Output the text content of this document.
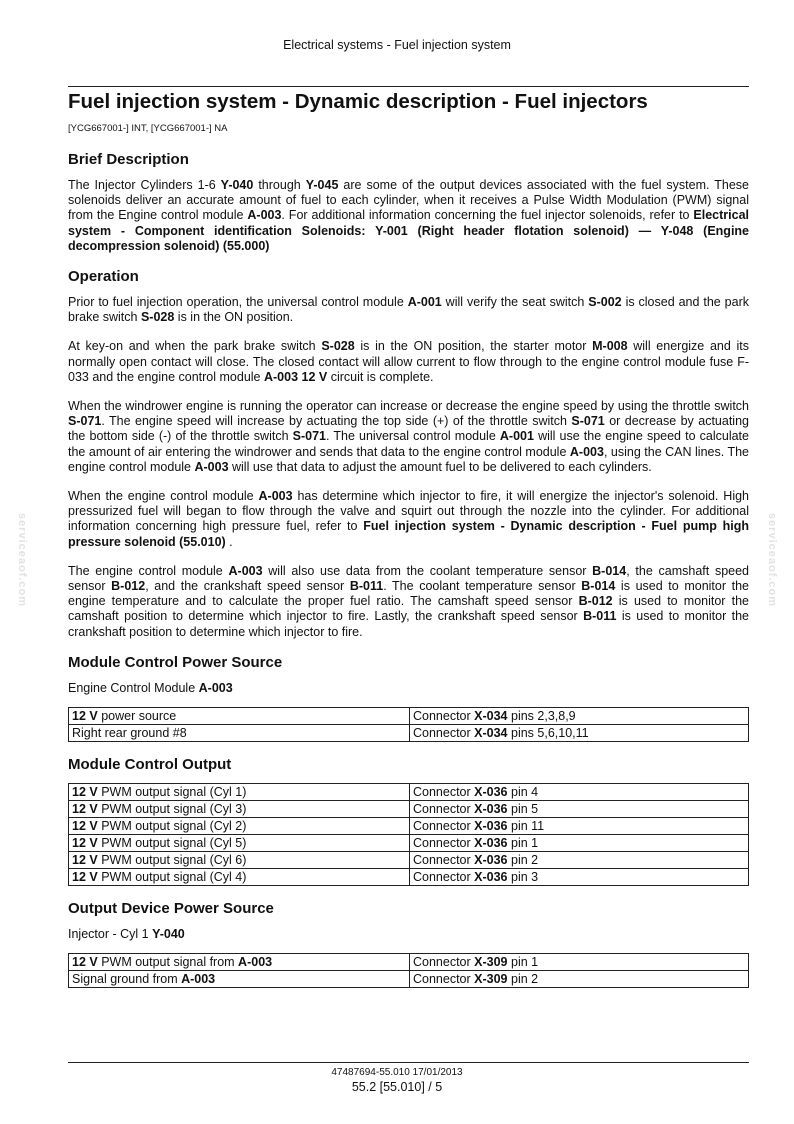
Electrical systems - Fuel injection system
Fuel injection system - Dynamic description - Fuel injectors
[YCG667001-] INT, [YCG667001-] NA
Brief Description

The Injector Cylinders 1-6 Y-040 through Y-045 are some of the output devices associated with the fuel system. These solenoids deliver an accurate amount of fuel to each cylinder, when it receives a Pulse Width Modulation (PWM) signal from the Engine control module A-003. For additional information concerning the fuel injector solenoids, refer to Electrical system - Component identification Solenoids: Y-001 (Right header flotation solenoid) — Y-048 (Engine decompression solenoid) (55.000)

Operation

Prior to fuel injection operation, the universal control module A-001 will verify the seat switch S-002 is closed and the park brake switch S-028 is in the ON position.

At key-on and when the park brake switch S-028 is in the ON position, the starter motor M-008 will energize and its normally open contact will close. The closed contact will allow current to flow through to the engine control module fuse F-033 and the engine control module A-003 12 V circuit is complete.

When the windrower engine is running the operator can increase or decrease the engine speed by using the throttle switch S-071. The engine speed will increase by actuating the top side (+) of the throttle switch S-071 or decrease by actuating the bottom side (-) of the throttle switch S-071. The universal control module A-001 will use the engine speed to calculate the amount of air entering the windrower and sends that data to the engine control module A-003, using the CAN lines. The engine control module A-003 will use that data to adjust the amount fuel to be delivered to each cylinders.

When the engine control module A-003 has determine which injector to fire, it will energize the injector's solenoid. High pressurized fuel will began to flow through the valve and squirt out through the nozzle into the cylinder. For additional information concerning high pressure fuel, refer to Fuel injection system - Dynamic description - Fuel pump high pressure solenoid (55.010) .

The engine control module A-003 will also use data from the coolant temperature sensor B-014, the camshaft speed sensor B-012, and the crankshaft speed sensor B-011. The coolant temperature sensor B-014 is used to monitor the engine temperature and to calculate the proper fuel ratio. The camshaft speed sensor B-012 is used to monitor the camshaft position to determine which injector to fire. Lastly, the crankshaft speed sensor B-011 is used to monitor the crankshaft position to determine which injector to fire.

Module Control Power Source

Engine Control Module A-003

12 V power source	Connector X-034 pins 2,3,8,9
Right rear ground #8	Connector X-034 pins 5,6,10,11
Module Control Output
12 V PWM output signal (Cyl 1)	Connector X-036 pin 4
12 V PWM output signal (Cyl 3)	Connector X-036 pin 5
12 V PWM output signal (Cyl 2)	Connector X-036 pin 11
12 V PWM output signal (Cyl 5)	Connector X-036 pin 1
12 V PWM output signal (Cyl 6)	Connector X-036 pin 2
12 V PWM output signal (Cyl 4)	Connector X-036 pin 3
Output Device Power Source

Injector - Cyl 1 Y-040

12 V PWM output signal from A-003	Connector X-309 pin 1
Signal ground from A-003	Connector X-309 pin 2
47487694-55.010 17/01/2013
55.2 [55.010] / 5
serviceaof.com	serviceaof.com
